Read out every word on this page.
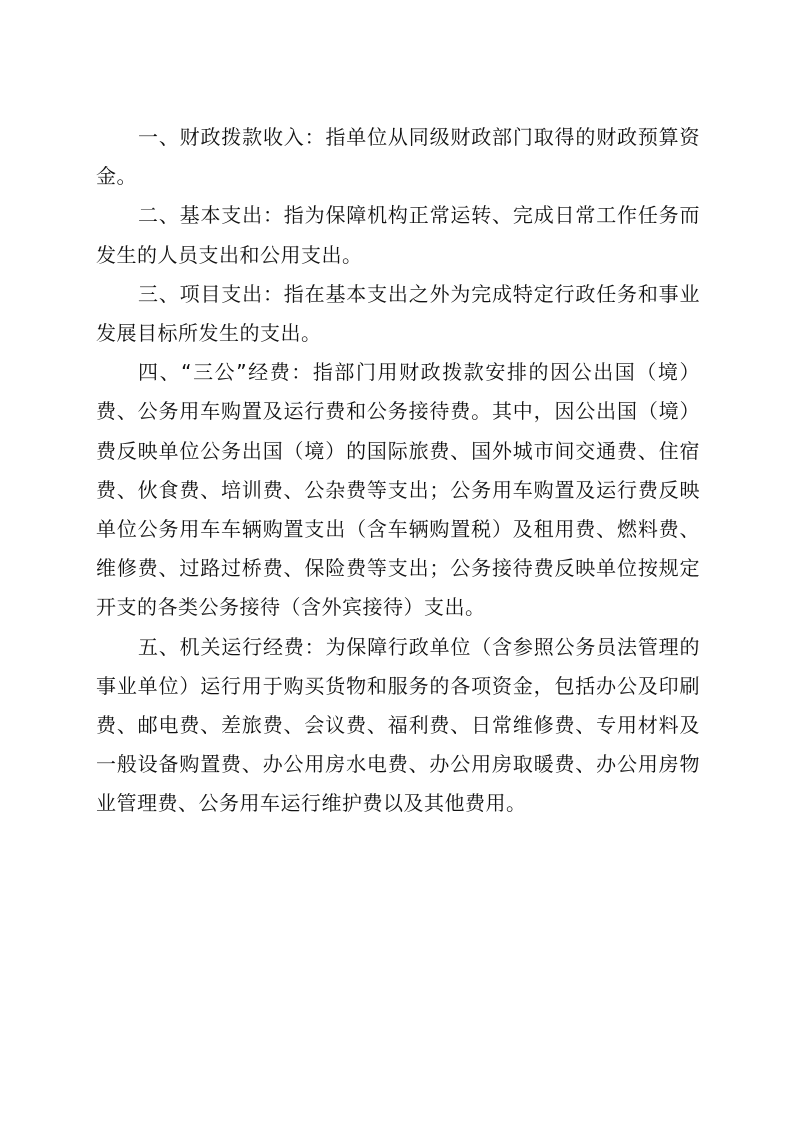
一、财政拨款收入：指单位从同级财政部门取得的财政预算资
金。

二、基本支出：指为保障机构正常运转、完成日常工作任务而
发生的人员支出和公用支出。

三、项目支出：指在基本支出之外为完成特定行政任务和事业
发展目标所发生的支出。

四、“三公”经费：指部门用财政拨款安排的因公出国（境）
费、公务用车购置及运行费和公务接待费。其中，因公出国（境）
费反映单位公务出国（境）的国际旅费、国外城市间交通费、住宿
费、伙食费、培训费、公杂费等支出；公务用车购置及运行费反映
单位公务用车车辆购置支出（含车辆购置税）及租用费、燃料费、
维修费、过路过桥费、保险费等支出；公务接待费反映单位按规定
开支的各类公务接待（含外宾接待）支出。

五、机关运行经费：为保障行政单位（含参照公务员法管理的
事业单位）运行用于购买货物和服务的各项资金，包括办公及印刷
费、邮电费、差旅费、会议费、福利费、日常维修费、专用材料及
一般设备购置费、办公用房水电费、办公用房取暖费、办公用房物
业管理费、公务用车运行维护费以及其他费用。
